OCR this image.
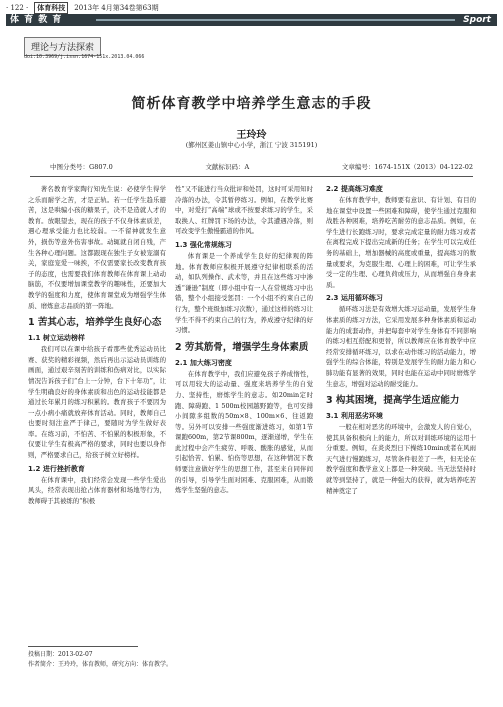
· 122 ·	体育科技	2013年 4月第34卷第63期
体 育 教 育	Sport
理论与方法探索
doi:10.3969/j.issn.1674-151x.2013.04.066
简析体育教学中培养学生意志的手段
王玲玲
(鄞州区姜山镇中心小学，浙江 宁波 315191)
中图分类号：G807.0	文献标识码：A	文章编号：1674-151X（2013）04-122-02

著名教育学家陶行知先生说：必使学生得学之乐而耐学之苦，才是正轨。若一任学生趋乐避苦，这是哄骗小孩的糖果子，决不是造就人才的教育。放眼望去，现在的孩子不仅身体素质差，遇心理承受能力也比较弱。一不留神就发生意外，损伤等意外伤害事故。动辄就自闭自残，产生各种心理问题。这都跟现在独生子女被宠溺有关，家庭宠爱一味挨，不仅需要家长改变教育孩子的态度，也需要我们体育教师在体育课上动动脑筋，不仅要增加课堂教学的趣味性，还要加大教学的强度和力度，使体育课堂成为增强学生体质、磨炼意志品质的第一阵地。

1 苦其心志，培养学生良好心态
1.1 树立运动榜样

我们可以在课中给孩子看那些优秀运动员比赛、获奖的精彩视频，然后再出示运动员训练的画面，通过艰辛刻苦的训练和伤病对比，以实际情况告诉孩子们“台上一分钟，台下十年功”，让学生明确良好的身体素质和出色的运动技能都是通过长年累月的练习积累的。教育孩子不要因为一点小病小痛就放弃体育活动。同时，教师自己也要时刻注意严于律己，要随时为学生做好表率。在练习前，不怕苦、不怕累的积极形象，不仅要让学生有极高严格的要求，同时也要以身作则，严格要求自己，给孩子树立好榜样。

1.2 进行挫折教育

在体育课中，我们经常会发现一些学生爱出风头，经常表现出抢占体育器材和场地等行为，教师碍于其被练的“积极

性”又不能进行当众批评和处罚，这时可采用知时冷落的办法，令其暂停练习。例如，在教学比赛中，对爱打“高端”球或不按要求练习的学生，采取换人、红牌罚下场的办法，令其遭遇冷落，则可改变学生傲慢霸道的作风。

1.3 强化常规练习

体育课是一个养成学生良好的纪律观的阵地。体育教师应积极开展遵守纪律相联系的活动，如队列操作、武术等，并且在这些练习中渗透“谦逊”制度（即小组中有一人在常规练习中出错，整个小组接受惩罚：一个小组不约束自己的行为，整个班级加练习次数），通过这样的练习让学生不得不约束自己的行为，养成遵守纪律的好习惯。

2 劳其筋骨，增强学生身体素质
2.1 加大练习密度

在体育教学中，我们应避免孩子养成惰性，可以用较大的运动量、强度来培养学生的自觉力、坚持性，磨炼学生的意志。如20min定时跑、障碍跑、1 500m校园越野跑等，也可安排小间隙多组数的50m×8、100m×6、往返跑等。另外可以安排一些强度渐进练习，如第1节课跑600m，第2节课800m，逐渐递增，学生在此过程中会产生疲劳、呼吸、酸胀的感觉，从而引起恰苦、怕累、怕伤等思想，在这种情况下教师要注意做好学生的思想工作，甚至来自同伴间的引导，引导学生面对困难、克服困难，从而锻炼学生坚强的意志。

2.2 提高练习难度

在体育教学中，教师要有意识、有计划、有目的地在课堂中设置一些困难和障碍，使学生通过克服和战胜各种困难，培养吃苦耐劳的意志品质。例如，在学生进行长跑练习时，要求完成定量的耐力练习或者在离程完成下提出完成新的任务；在学生可以完成任务的基础上，增加器械的高度或重量，提高练习的数量或要求，为克服生理、心理上的困难，可让学生承受一定的生理、心理负荷或压力，从而增强自身身素质。

2.3 运用循环练习

循环练习法是有效增大练习运动量，发展学生身体素质的练习方法，它采用发展多种身体素质和运动能力的成套动作，并把每套中对学生身体有不同影响的练习相互搭配和更替，所以教师应在体育教学中应经常安排循环练习，以求在动作练习的活动能力，增强学生的综合体能，特别是发展学生的耐力能力和心肺功能有显著的效果，同时也能在运动中同时磨炼学生意志，增强对运动的耐受能力。

3 构其困境，提高学生适应能力
3.1 利用恶劣环境

一般在相对恶劣的环境中，会激发人的自觉心，使其具备积极向上的能力，所以对训练环境的运用十分重要。例如，在炎炎烈日下操练10min或者在风雨天气进行慢跑练习，尽管条件很差了一些，但无论在教学强度和教学意义上都是一种突破。当无法坚持时就等到坚持了，就是一种强大的获得，就为培养吃苦精神奠定了

投稿日期：2013-02-07
作者简介：王玲玲，体育教师，研究方向：体育教学。
